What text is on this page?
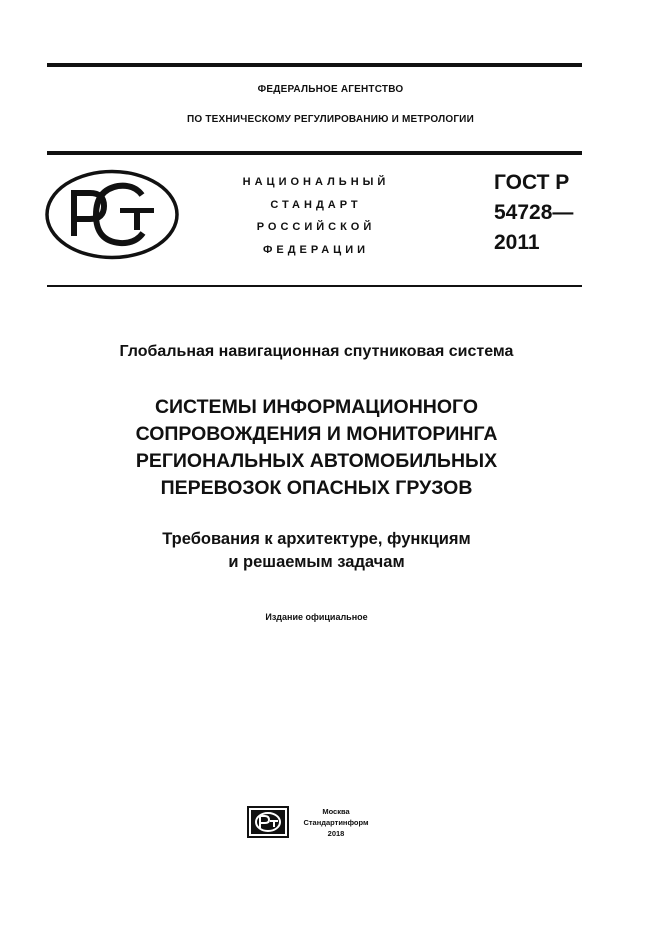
ФЕДЕРАЛЬНОЕ АГЕНТСТВО
ПО ТЕХНИЧЕСКОМУ РЕГУЛИРОВАНИЮ И МЕТРОЛОГИИ
НАЦИОНАЛЬНЫЙ
СТАНДАРТ
РОССИЙСКОЙ
ФЕДЕРАЦИИ
ГОСТ Р
54728—
2011
Глобальная навигационная спутниковая система
СИСТЕМЫ ИНФОРМАЦИОННОГО
СОПРОВОЖДЕНИЯ И МОНИТОРИНГА
РЕГИОНАЛЬНЫХ АВТОМОБИЛЬНЫХ
ПЕРЕВОЗОК ОПАСНЫХ ГРУЗОВ
Требования к архитектуре, функциям
и решаемым задачам
Издание официальное
Москва
Стандартинформ
2018
